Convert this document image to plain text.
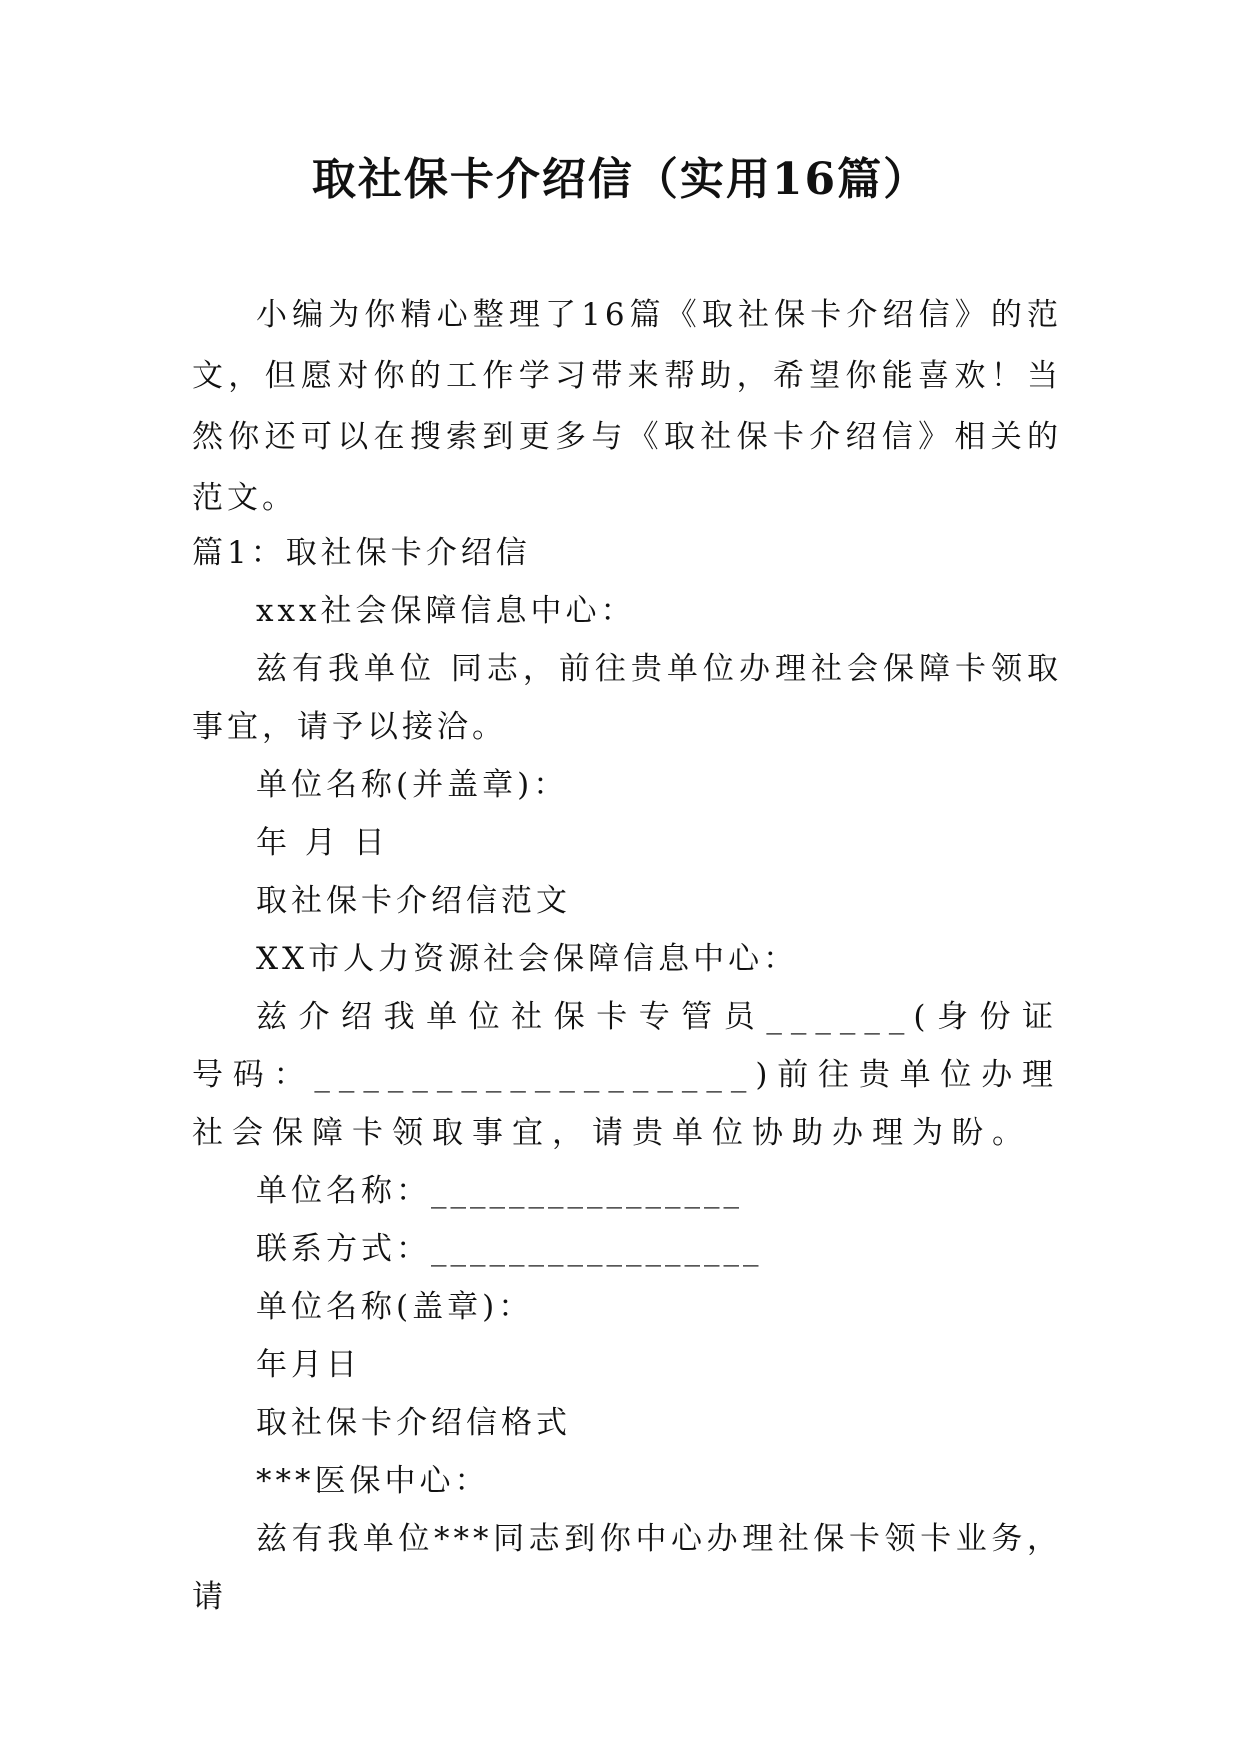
取社保卡介绍信（实用16篇）

小编为你精心整理了16篇《取社保卡介绍信》的范文，但愿对你的工作学习带来帮助，希望你能喜欢！当然你还可以在搜索到更多与《取社保卡介绍信》相关的范文。

篇1：取社保卡介绍信

xxx社会保障信息中心：

兹有我单位 同志，前往贵单位办理社会保障卡领取事宜，请予以接洽。

单位名称(并盖章)：

年 月 日

取社保卡介绍信范文

XX市人力资源社会保障信息中心：

兹介绍我单位社保卡专管员______(身份证号码：__________________)前往贵单位办理社会保障卡领取事宜，请贵单位协助办理为盼。

单位名称：________________

联系方式：_________________

单位名称(盖章)：

年月日

取社保卡介绍信格式

***医保中心：

兹有我单位***同志到你中心办理社保卡领卡业务，请
